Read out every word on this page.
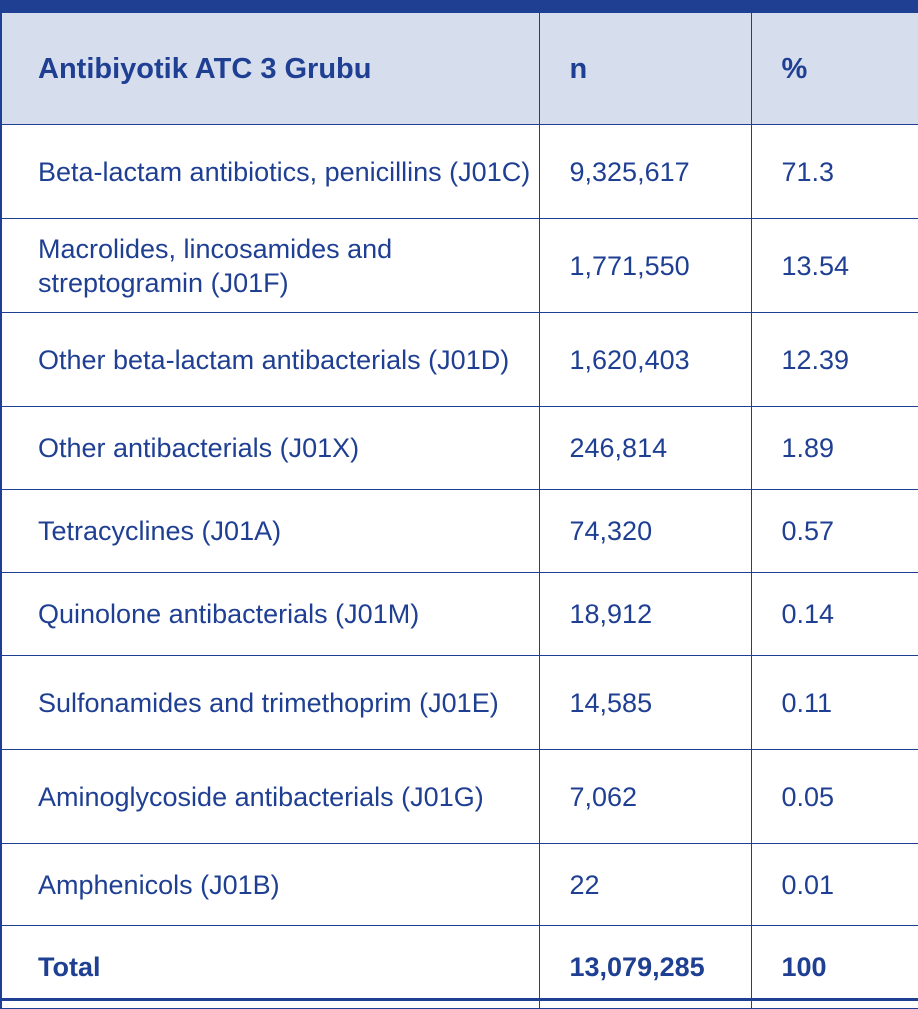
Antibiyotik ATC 3 Grubu	n	%
Beta-lactam antibiotics, penicillins (J01C)	9,325,617	71.3
Macrolides, lincosamides and streptogramin (J01F)	1,771,550	13.54
Other beta-lactam antibacterials (J01D)	1,620,403	12.39
Other antibacterials (J01X)	246,814	1.89
Tetracyclines (J01A)	74,320	0.57
Quinolone antibacterials (J01M)	18,912	0.14
Sulfonamides and trimethoprim (J01E)	14,585	0.11
Aminoglycoside antibacterials (J01G)	7,062	0.05
Amphenicols (J01B)	22	0.01
Total	13,079,285	100
